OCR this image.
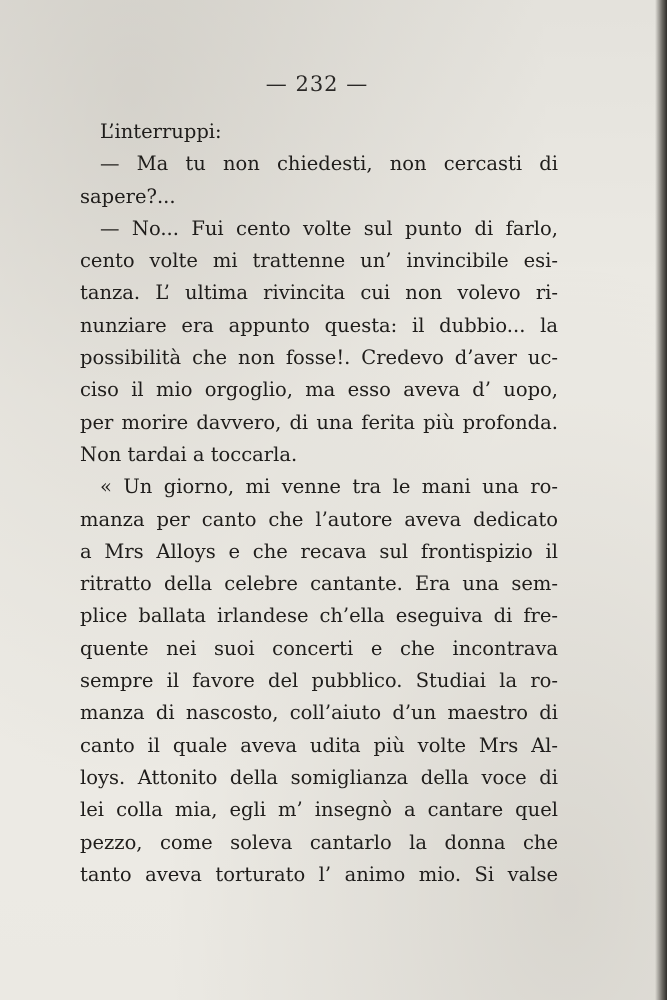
— 232 —

L’interruppi:
— Ma tu non chiedesti, non cercasti di
sapere?...
— No... Fui cento volte sul punto di farlo,
cento volte mi trattenne un’ invincibile esi-
tanza. L’ ultima rivincita cui non volevo ri-
nunziare era appunto questa: il dubbio... la
possibilità che non fosse!. Credevo d’aver uc-
ciso il mio orgoglio, ma esso aveva d’ uopo,
per morire davvero, di una ferita più profonda.
Non tardai a toccarla.
« Un giorno, mi venne tra le mani una ro-
manza per canto che l’autore aveva dedicato
a Mrs Alloys e che recava sul frontispizio il
ritratto della celebre cantante. Era una sem-
plice ballata irlandese ch’ella eseguiva di fre-
quente nei suoi concerti e che incontrava
sempre il favore del pubblico. Studiai la ro-
manza di nascosto, coll’aiuto d’un maestro di
canto il quale aveva udita più volte Mrs Al-
loys. Attonito della somiglianza della voce di
lei colla mia, egli m’ insegnò a cantare quel
pezzo, come soleva cantarlo la donna che
tanto aveva torturato l’ animo mio. Si valse
